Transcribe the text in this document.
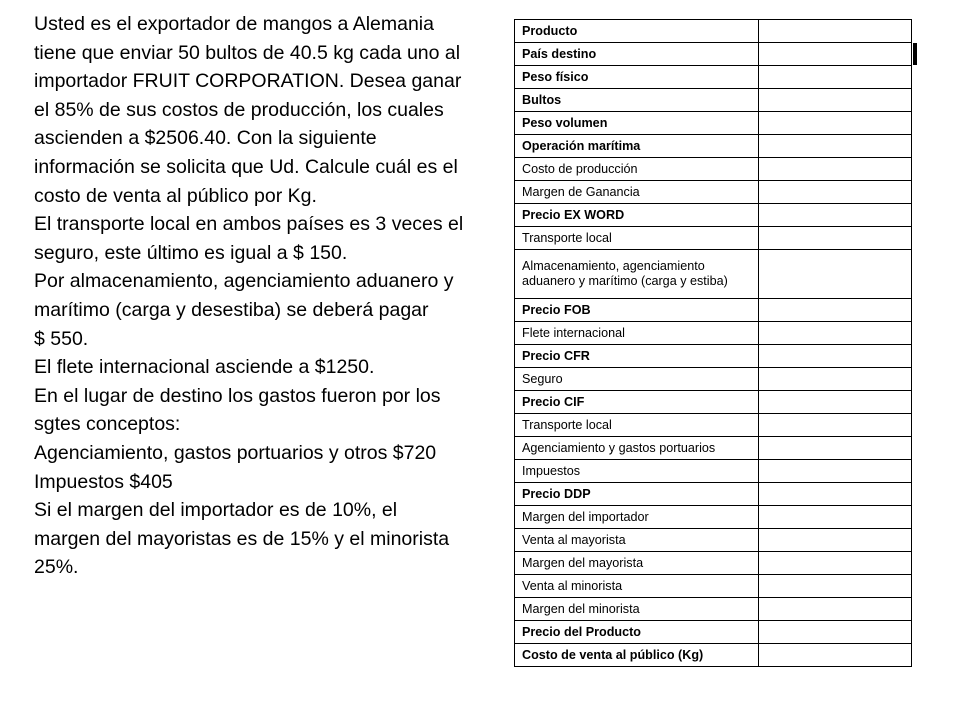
Usted es el exportador de mangos a Alemania tiene que enviar 50 bultos de 40.5 kg cada uno al importador FRUIT CORPORATION. Desea ganar el 85% de sus costos de producción, los cuales ascienden a $2506.40. Con la siguiente información se solicita que Ud. Calcule cuál es el costo de venta al público por Kg.

El transporte local en ambos países es 3 veces el seguro, este último es igual a $ 150.

Por almacenamiento, agenciamiento aduanero y marítimo (carga y desestiba) se deberá pagar

$ 550.

El flete internacional asciende a $1250.

En el lugar de destino los gastos fueron por los sgtes conceptos:

Agenciamiento, gastos portuarios y otros $720

Impuestos $405

Si el margen del importador es de 10%, el margen del mayoristas es de 15% y el minorista 25%.

Producto	
País destino	
Peso físico	
Bultos	
Peso volumen	
Operación marítima	
Costo de producción	
Margen de Ganancia	
Precio EX WORD	
Transporte local	
Almacenamiento, agenciamiento aduanero y marítimo (carga y estiba)	
Precio FOB	
Flete internacional	
Precio CFR	
Seguro	
Precio CIF	
Transporte local	
Agenciamiento y gastos portuarios	
Impuestos	
Precio DDP	
Margen del importador	
Venta al mayorista	
Margen del mayorista	
Venta al minorista	
Margen del minorista	
Precio del Producto	
Costo de venta al público (Kg)	
